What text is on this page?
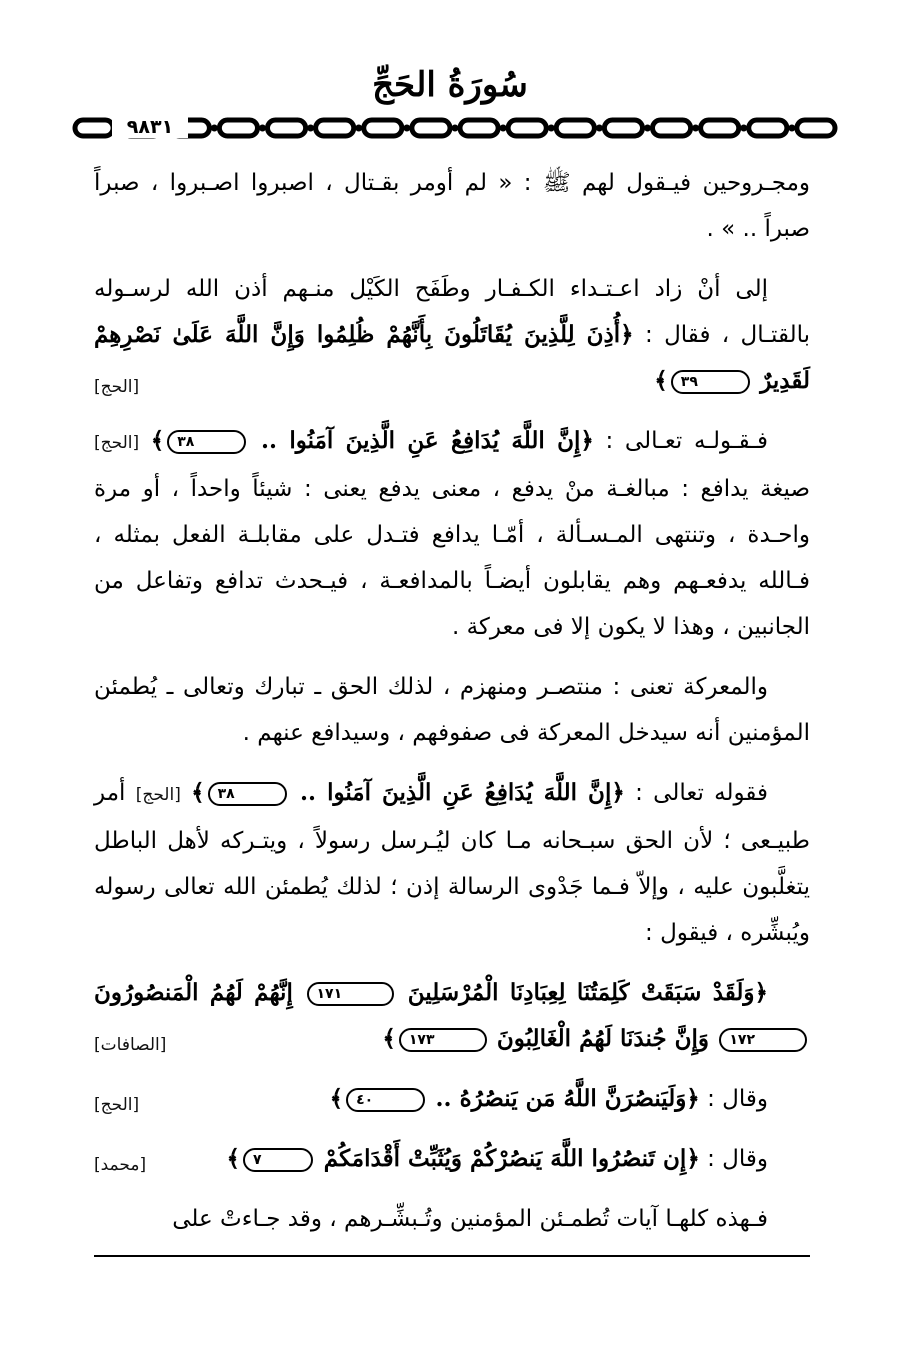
سُورَةُ الحَجِّ
٩٨٣١

ومجـروحين فيـقول لهم ﷺ : « لم أومر بقـتال ، اصبروا اصـبروا ، صبراً صبراً .. » .

إلى أنْ زاد اعـتـداء الكـفـار وطَفَح الكَيْل منـهم أذن الله لرسـوله بالقتـال ، فقال : ﴿أُذِنَ لِلَّذِينَ يُقَاتَلُونَ بِأَنَّهُمْ ظُلِمُوا وَإِنَّ اللَّهَ عَلَىٰ نَصْرِهِمْ لَقَدِيرٌ ٣٩﴾
[الحج]

فـقـولـه تعـالى : ﴿إِنَّ اللَّهَ يُدَافِعُ عَنِ الَّذِينَ آمَنُوا .. ٣٨﴾ [الحج] صيغة يدافع : مبالغـة منْ يدفع ، معنى يدفع يعنى : شيئاً واحداً ، أو مرة واحـدة ، وتنتهى المـسـألة ، أمّـا يدافع فتـدل على مقابلـة الفعل بمثله ، فـالله يدفعـهم وهم يقابلون أيضـاً بالمدافعـة ، فيـحدث تدافع وتفاعل من الجانبين ، وهذا لا يكون إلا فى معركة .

والمعركة تعنى : منتصـر ومنهزم ، لذلك الحق ـ تبارك وتعالى ـ يُطمئن المؤمنين أنه سيدخل المعركة فى صفوفهم ، وسيدافع عنهم .

فقوله تعالى : ﴿إِنَّ اللَّهَ يُدَافِعُ عَنِ الَّذِينَ آمَنُوا .. ٣٨﴾ [الحج] أمر طبيـعى ؛ لأن الحق سبـحانه مـا كان ليُـرسل رسولاً ، ويتـركه لأهل الباطل يتغلَّبون عليه ، وإلاّ فـما جَدْوى الرسالة إذن ؛ لذلك يُطمئن الله تعالى رسوله ويُبشِّره ، فيقول :

﴿وَلَقَدْ سَبَقَتْ كَلِمَتُنَا لِعِبَادِنَا الْمُرْسَلِينَ ١٧١ إِنَّهُمْ لَهُمُ الْمَنصُورُونَ ١٧٢ وَإِنَّ جُندَنَا لَهُمُ الْغَالِبُونَ ١٧٣﴾
[الصافات]

وقال : ﴿وَلَيَنصُرَنَّ اللَّهُ مَن يَنصُرُهُ .. ٤٠﴾
[الحج]

وقال : ﴿إِن تَنصُرُوا اللَّهَ يَنصُرْكُمْ وَيُثَبِّتْ أَقْدَامَكُمْ ٧﴾
[محمد]

فـهذه كلهـا آيات تُطمـئن المؤمنين وتُـبشِّـرهم ، وقد جـاءتْ على
